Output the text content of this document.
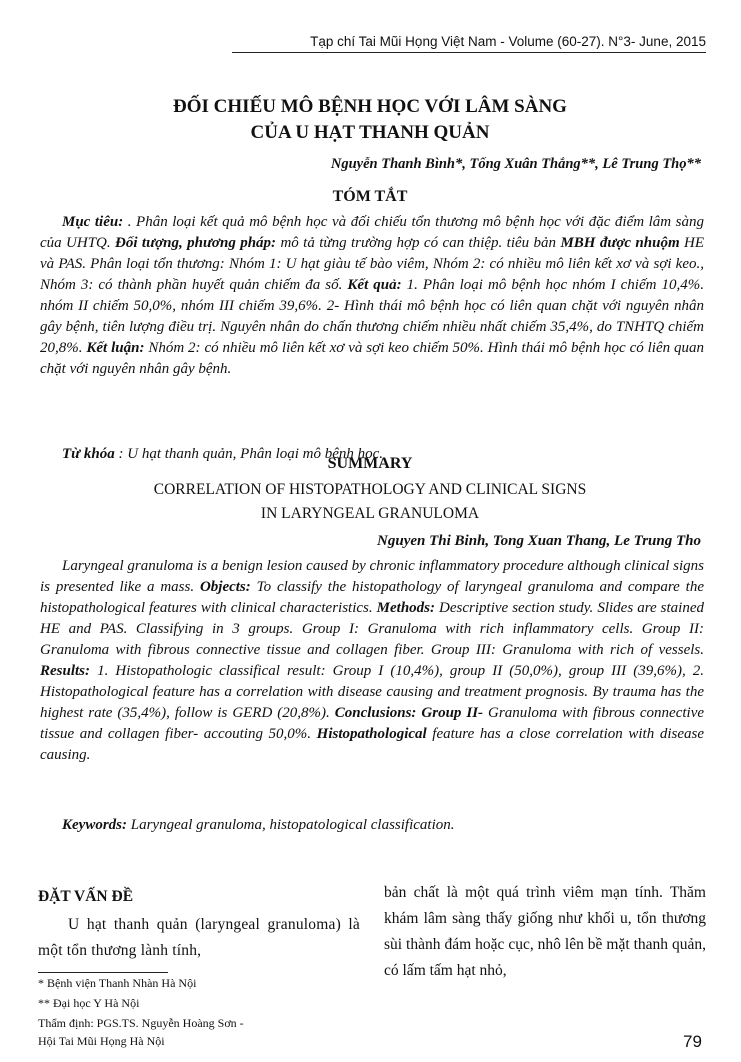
Tạp chí Tai Mũi Họng Việt Nam - Volume (60-27). N°3- June, 2015
ĐỐI CHIẾU MÔ BỆNH HỌC VỚI LÂM SÀNG
CỦA U HẠT THANH QUẢN
Nguyễn Thanh Bình*, Tống Xuân Thắng**, Lê Trung Thọ**
TÓM TẮT
Mục tiêu: . Phân loại kết quả mô bệnh học và đối chiếu tổn thương mô bệnh học với đặc điểm lâm sàng của UHTQ. Đối tượng, phương pháp: mô tả từng trường hợp có can thiệp. tiêu bản MBH được nhuộm HE và PAS. Phân loại tổn thương: Nhóm 1: U hạt giàu tế bào viêm, Nhóm 2: có nhiều mô liên kết xơ và sợi keo., Nhóm 3: có thành phần huyết quản chiếm đa số. Kết quả: 1. Phân loại mô bệnh học nhóm I chiếm 10,4%. nhóm II chiếm 50,0%, nhóm III chiếm 39,6%. 2- Hình thái mô bệnh học có liên quan chặt với nguyên nhân gây bệnh, tiên lượng điều trị. Nguyên nhân do chấn thương chiếm nhiều nhất chiếm 35,4%, do TNHTQ chiếm 20,8%. Kết luận: Nhóm 2: có nhiều mô liên kết xơ và sợi keo chiếm 50%. Hình thái mô bệnh học có liên quan chặt với nguyên nhân gây bệnh.
Từ khóa : U hạt thanh quản, Phân loại mô bệnh học.
SUMMARY
CORRELATION OF HISTOPATHOLOGY AND CLINICAL SIGNS
IN LARYNGEAL GRANULOMA
Nguyen Thi Binh, Tong Xuan Thang, Le Trung Tho
Laryngeal granuloma is a benign lesion caused by chronic inflammatory procedure although clinical signs is presented like a mass. Objects: To classify the histopathology of laryngeal granuloma and compare the histopathological features with clinical characteristics. Methods: Descriptive section study. Slides are stained HE and PAS. Classifying in 3 groups. Group I: Granuloma with rich inflammatory cells. Group II: Granuloma with fibrous connective tissue and collagen fiber. Group III: Granuloma with rich of vessels. Results: 1. Histopathologic classifical result: Group I (10,4%), group II (50,0%), group III (39,6%), 2. Histopathological feature has a correlation with disease causing and treatment prognosis. By trauma has the highest rate (35,4%), follow is GERD (20,8%). Conclusions: Group II- Granuloma with fibrous connective tissue and collagen fiber- accouting 50,0%. Histopathological feature has a close correlation with disease causing.
Keywords: Laryngeal granuloma, histopatological classification.
ĐẶT VẤN ĐỀ
U hạt thanh quản (laryngeal granuloma) là một tổn thương lành tính,
bản chất là một quá trình viêm mạn tính. Thăm khám lâm sàng thấy giống như khối u, tổn thương sùi thành đám hoặc cục, nhô lên bề mặt thanh quản, có lấm tấm hạt nhỏ,
* Bệnh viện Thanh Nhàn Hà Nội
** Đại học Y Hà Nội
Thẩm định: PGS.TS. Nguyễn Hoàng Sơn -
Hội Tai Mũi Họng Hà Nội	79
